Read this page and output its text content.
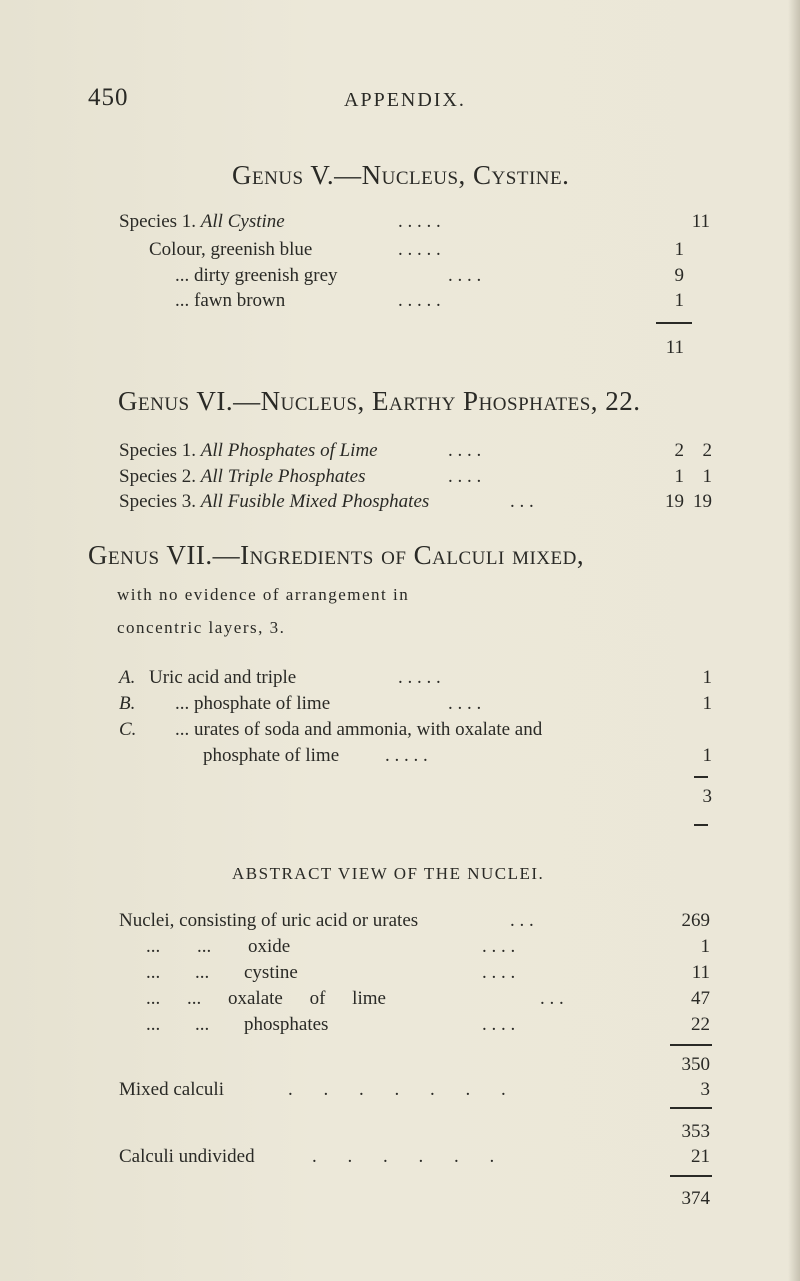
450	APPENDIX.
Genus V.—Nucleus, Cystine.
Species 1. All Cystine	. . . . .	11
Colour, greenish blue	. . . . .	1
... dirty greenish grey	. . . .	9
... fawn brown	. . . . .	1
11
Genus VI.—Nucleus, Earthy Phosphates, 22.
Species 1. All Phosphates of Lime	. . . .	2 2
Species 2. All Triple Phosphates	. . . .	1 1
Species 3. All Fusible Mixed Phosphates	. . .	19 19
Genus VII.—Ingredients of Calculi mixed,
with no evidence of arrangement in
concentric layers, 3.
A. Uric acid and triple	. . . . .	1
B. ... phosphate of lime	. . . .	1
C. ... urates of soda and ammonia, with oxalate and
phosphate of lime . . . . .	1
3
ABSTRACT VIEW OF THE NUCLEI.
Nuclei, consisting of uric acid or urates	. . .	269
... ... oxide	. . . .	1
... ... cystine	. . . .	11
... ... oxalate of lime	. . .	47
... ... phosphates	. . . .	22
350
Mixed calculi	. . . . . . .	3
353
Calculi undivided	. . . . . .	21
374
